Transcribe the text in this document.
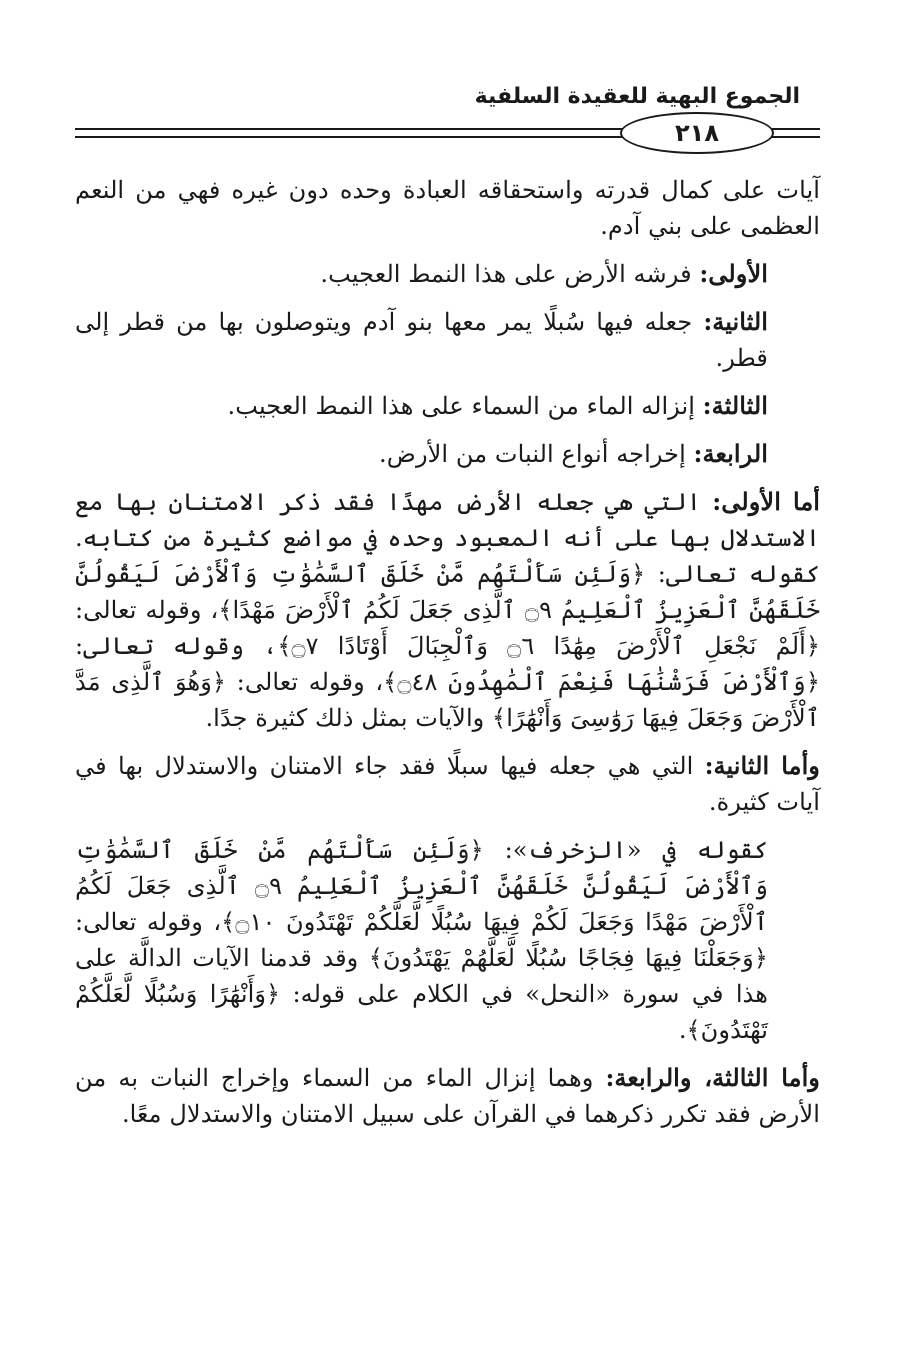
الجموع البهية للعقيدة السلفية
٢١٨

آيات على كمال قدرته واستحقاقه العبادة وحده دون غيره فهي من النعم العظمى على بني آدم.

الأولى: فرشه الأرض على هذا النمط العجيب.

الثانية: جعله فيها سُبلًا يمر معها بنو آدم ويتوصلون بها من قطر إلى قطر.

الثالثة: إنزاله الماء من السماء على هذا النمط العجيب.

الرابعة: إخراجه أنواع النبات من الأرض.

أما الأولى: التي هي جعله الأرض مهدًا فقد ذكر الامتنان بها مع الاستدلال بها على أنه المعبود وحده في مواضع كثيرة من كتابه. كقوله تعالى: ﴿وَلَئِن سَأَلْتَهُم مَّنْ خَلَقَ ٱلسَّمَٰوَٰتِ وَٱلْأَرْضَ لَيَقُولُنَّ خَلَقَهُنَّ ٱلْعَزِيزُ ٱلْعَلِيمُ ۝٩ ٱلَّذِى جَعَلَ لَكُمُ ٱلْأَرْضَ مَهْدًا﴾، وقوله تعالى: ﴿أَلَمْ نَجْعَلِ ٱلْأَرْضَ مِهَٰدًا ۝٦ وَٱلْجِبَالَ أَوْتَادًا ۝٧﴾، وقوله تعالى: ﴿وَٱلْأَرْضَ فَرَشْنَٰهَا فَنِعْمَ ٱلْمَٰهِدُونَ ۝٤٨﴾، وقوله تعالى: ﴿وَهُوَ ٱلَّذِى مَدَّ ٱلْأَرْضَ وَجَعَلَ فِيهَا رَوَٰسِىَ وَأَنْهَٰرًا﴾ والآيات بمثل ذلك كثيرة جدًا.

وأما الثانية: التي هي جعله فيها سبلًا فقد جاء الامتنان والاستدلال بها في آيات كثيرة.

كقوله في «الزخرف»: ﴿وَلَئِن سَأَلْتَهُم مَّنْ خَلَقَ ٱلسَّمَٰوَٰتِ وَٱلْأَرْضَ لَيَقُولُنَّ خَلَقَهُنَّ ٱلْعَزِيزُ ٱلْعَلِيمُ ۝٩ ٱلَّذِى جَعَلَ لَكُمُ ٱلْأَرْضَ مَهْدًا وَجَعَلَ لَكُمْ فِيهَا سُبُلًا لَّعَلَّكُمْ تَهْتَدُونَ ۝١٠﴾، وقوله تعالى: ﴿وَجَعَلْنَا فِيهَا فِجَاجًا سُبُلًا لَّعَلَّهُمْ يَهْتَدُونَ﴾ وقد قدمنا الآيات الدالَّة على هذا في سورة «النحل» في الكلام على قوله: ﴿وَأَنْهَٰرًا وَسُبُلًا لَّعَلَّكُمْ تَهْتَدُونَ﴾.

وأما الثالثة، والرابعة: وهما إنزال الماء من السماء وإخراج النبات به من الأرض فقد تكرر ذكرهما في القرآن على سبيل الامتنان والاستدلال معًا.
